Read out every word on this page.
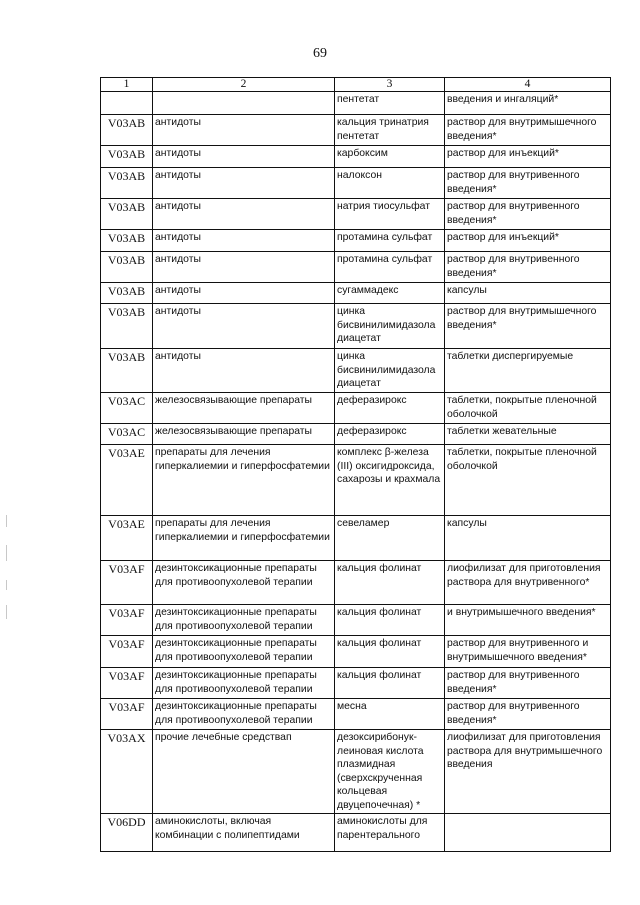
69
1	2	3	4
		пентетат	введения и ингаляций*
V03AB	антидоты	кальция тринатрия пентетат	раствор для внутримышечного введения*
V03AB	антидоты	карбоксим	раствор для инъекций*
V03AB	антидоты	налоксон	раствор для внутривенного введения*
V03AB	антидоты	натрия тиосульфат	раствор для внутривенного введения*
V03AB	антидоты	протамина сульфат	раствор для инъекций*
V03AB	антидоты	протамина сульфат	раствор для внутривенного введения*
V03AB	антидоты	сугаммадекс	капсулы
V03AB	антидоты	цинка бисвинилимидазола диацетат	раствор для внутримышечного введения*
V03AB	антидоты	цинка бисвинилимидазола диацетат	таблетки диспергируемые
V03AC	железосвязывающие препараты	деферазирокс	таблетки, покрытые пленочной оболочкой
V03AC	железосвязывающие препараты	деферазирокс	таблетки жевательные
V03AE	препараты для лечения гиперкалиемии и гиперфосфатемии	комплекс β-железа (III) оксигидроксида, сахарозы и крахмала	таблетки, покрытые пленочной оболочкой
V03AE	препараты для лечения гиперкалиемии и гиперфосфатемии	севеламер	капсулы
V03AF	дезинтоксикационные препараты для противоопухолевой терапии	кальция фолинат	лиофилизат для приготовления раствора для внутривенного*
V03AF	дезинтоксикационные препараты для противоопухолевой терапии	кальция фолинат	и внутримышечного введения*
V03AF	дезинтоксикационные препараты для противоопухолевой терапии	кальция фолинат	раствор для внутривенного и внутримышечного введения*
V03AF	дезинтоксикационные препараты для противоопухолевой терапии	кальция фолинат	раствор для внутривенного введения*
V03AF	дезинтоксикационные препараты для противоопухолевой терапии	месна	раствор для внутривенного введения*
V03AX	прочие лечебные средствап	дезоксирибонук-леиновая кислота плазмидная (сверхскрученная кольцевая двуцепочечная) *	лиофилизат для приготовления раствора для внутримышечного введения
V06DD	аминокислоты, включая комбинации с полипептидами	аминокислоты для парентерального	
